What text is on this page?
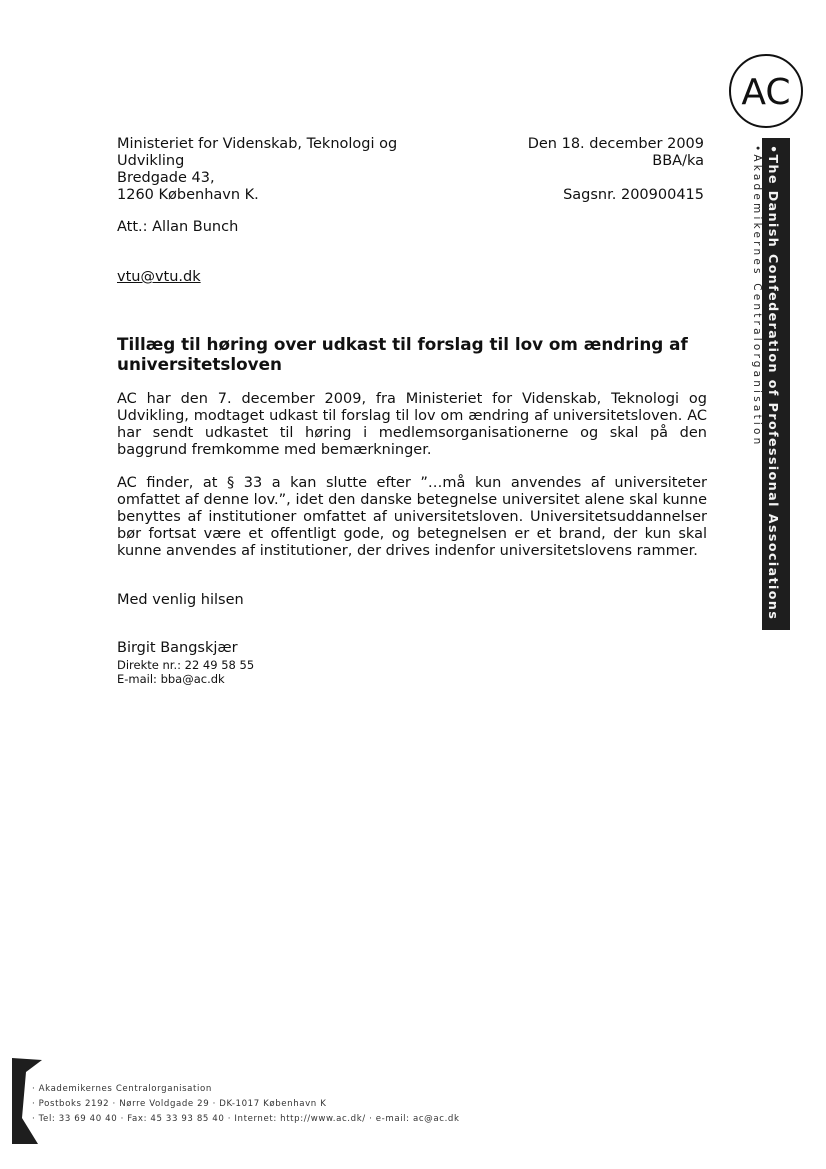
AC
•The Danish Confederation of Professional Associations
•Akademikernes Centralorganisation
Ministeriet for Videnskab, Teknologi og
Udvikling
Bredgade 43,
1260 København K.
Den 18. december 2009
BBA/ka
Sagsnr. 200900415
Att.: Allan Bunch
vtu@vtu.dk
Tillæg til høring over udkast til forslag til lov om ændring af universitetsloven
AC har den 7. december 2009, fra Ministeriet for Videnskab, Teknologi og Udvikling, modtaget udkast til forslag til lov om ændring af universitetsloven. AC har sendt udkastet til høring i medlemsorganisationerne og skal på den baggrund fremkomme med bemærkninger.
AC finder, at § 33 a kan slutte efter ”…må kun anvendes af universiteter omfattet af denne lov.”, idet den danske betegnelse universitet alene skal kunne benyttes af institutioner omfattet af universitetsloven. Universitetsuddannelser bør fortsat være et offentligt gode, og betegnelsen er et brand, der kun skal kunne anvendes af institutioner, der drives indenfor universitetslovens rammer.
Med venlig hilsen
Birgit Bangskjær
Direkte nr.: 22 49 58 55
E-mail: bba@ac.dk
· Akademikernes Centralorganisation
· Postboks 2192 · Nørre Voldgade 29 · DK-1017 København K
· Tel: 33 69 40 40 · Fax: 45 33 93 85 40 · Internet: http://www.ac.dk/ · e-mail: ac@ac.dk
